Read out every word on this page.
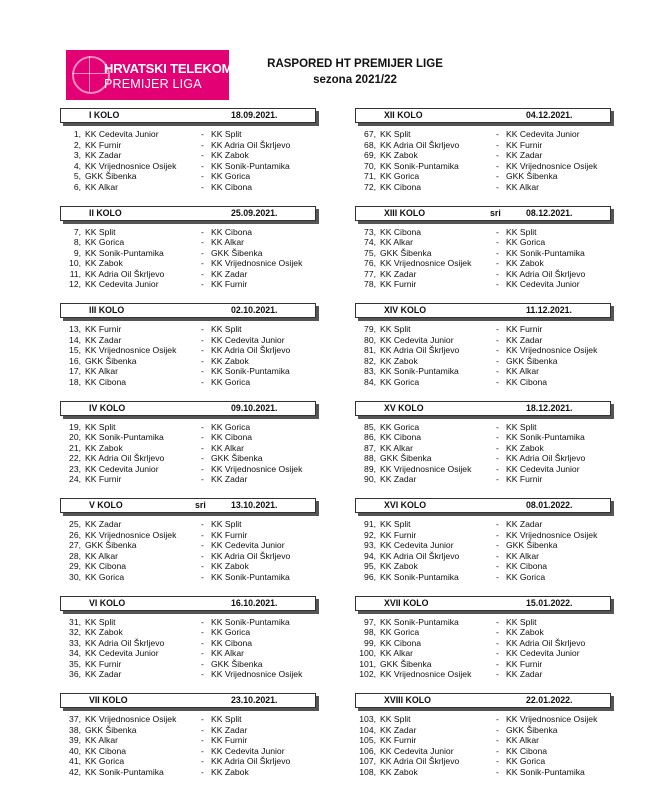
HRVATSKI TELEKOM
PREMIJER LIGA
RASPORED HT PREMIJER LIGE
sezona 2021/22
I KOLO	18.09.2021.
1, KK Cedevita Junior	- KK Split
2, KK Furnir	- KK Adria Oil Škrljevo
3, KK Zadar	- KK Zabok
4, KK Vrijednosnice Osijek	- KK Sonik-Puntamika
5, GKK Šibenka	- KK Gorica
6, KK Alkar	- KK Cibona
XII KOLO	04.12.2021.
67, KK Split	- KK Cedevita Junior
68, KK Adria Oil Škrljevo	- KK Furnir
69, KK Zabok	- KK Zadar
70, KK Sonik-Puntamika	- KK Vrijednosnice Osijek
71, KK Gorica	- GKK Šibenka
72, KK Cibona	- KK Alkar
II KOLO	25.09.2021.
7, KK Split	- KK Cibona
8, KK Gorica	- KK Alkar
9, KK Sonik-Puntamika	- GKK Šibenka
10, KK Zabok	- KK Vrijednosnice Osijek
11, KK Adria Oil Škrljevo	- KK Zadar
12, KK Cedevita Junior	- KK Furnir
XIII KOLO	sri	08.12.2021.
73, KK Cibona	- KK Split
74, KK Alkar	- KK Gorica
75, GKK Šibenka	- KK Sonik-Puntamika
76, KK Vrijednosnice Osijek	- KK Zabok
77, KK Zadar	- KK Adria Oil Škrljevo
78, KK Furnir	- KK Cedevita Junior
III KOLO	02.10.2021.
13, KK Furnir	- KK Split
14, KK Zadar	- KK Cedevita Junior
15, KK Vrijednosnice Osijek	- KK Adria Oil Škrljevo
16, GKK Šibenka	- KK Zabok
17, KK Alkar	- KK Sonik-Puntamika
18, KK Cibona	- KK Gorica
XIV KOLO	11.12.2021.
79, KK Split	- KK Furnir
80, KK Cedevita Junior	- KK Zadar
81, KK Adria Oil Škrljevo	- KK Vrijednosnice Osijek
82, KK Zabok	- GKK Šibenka
83, KK Sonik-Puntamika	- KK Alkar
84, KK Gorica	- KK Cibona
IV KOLO	09.10.2021.
19, KK Split	- KK Gorica
20, KK Sonik-Puntamika	- KK Cibona
21, KK Zabok	- KK Alkar
22, KK Adria Oil Škrljevo	- GKK Šibenka
23, KK Cedevita Junior	- KK Vrijednosnice Osijek
24, KK Furnir	- KK Zadar
XV KOLO	18.12.2021.
85, KK Gorica	- KK Split
86, KK Cibona	- KK Sonik-Puntamika
87, KK Alkar	- KK Zabok
88, GKK Šibenka	- KK Adria Oil Škrljevo
89, KK Vrijednosnice Osijek	- KK Cedevita Junior
90, KK Zadar	- KK Furnir
V KOLO	sri	13.10.2021.
25, KK Zadar	- KK Split
26, KK Vrijednosnice Osijek	- KK Furnir
27, GKK Šibenka	- KK Cedevita Junior
28, KK Alkar	- KK Adria Oil Škrljevo
29, KK Cibona	- KK Zabok
30, KK Gorica	- KK Sonik-Puntamika
XVI KOLO	08.01.2022.
91, KK Split	- KK Zadar
92, KK Furnir	- KK Vrijednosnice Osijek
93, KK Cedevita Junior	- GKK Šibenka
94, KK Adria Oil Škrljevo	- KK Alkar
95, KK Zabok	- KK Cibona
96, KK Sonik-Puntamika	- KK Gorica
VI KOLO	16.10.2021.
31, KK Split	- KK Sonik-Puntamika
32, KK Zabok	- KK Gorica
33, KK Adria Oil Škrljevo	- KK Cibona
34, KK Cedevita Junior	- KK Alkar
35, KK Furnir	- GKK Šibenka
36, KK Zadar	- KK Vrijednosnice Osijek
XVII KOLO	15.01.2022.
97, KK Sonik-Puntamika	- KK Split
98, KK Gorica	- KK Zabok
99, KK Cibona	- KK Adria Oil Škrljevo
100, KK Alkar	- KK Cedevita Junior
101, GKK Šibenka	- KK Furnir
102, KK Vrijednosnice Osijek	- KK Zadar
VII KOLO	23.10.2021.
37, KK Vrijednosnice Osijek	- KK Split
38, GKK Šibenka	- KK Zadar
39, KK Alkar	- KK Furnir
40, KK Cibona	- KK Cedevita Junior
41, KK Gorica	- KK Adria Oil Škrljevo
42, KK Sonik-Puntamika	- KK Zabok
XVIII KOLO	22.01.2022.
103, KK Split	- KK Vrijednosnice Osijek
104, KK Zadar	- GKK Šibenka
105, KK Furnir	- KK Alkar
106, KK Cedevita Junior	- KK Cibona
107, KK Adria Oil Škrljevo	- KK Gorica
108, KK Zabok	- KK Sonik-Puntamika
